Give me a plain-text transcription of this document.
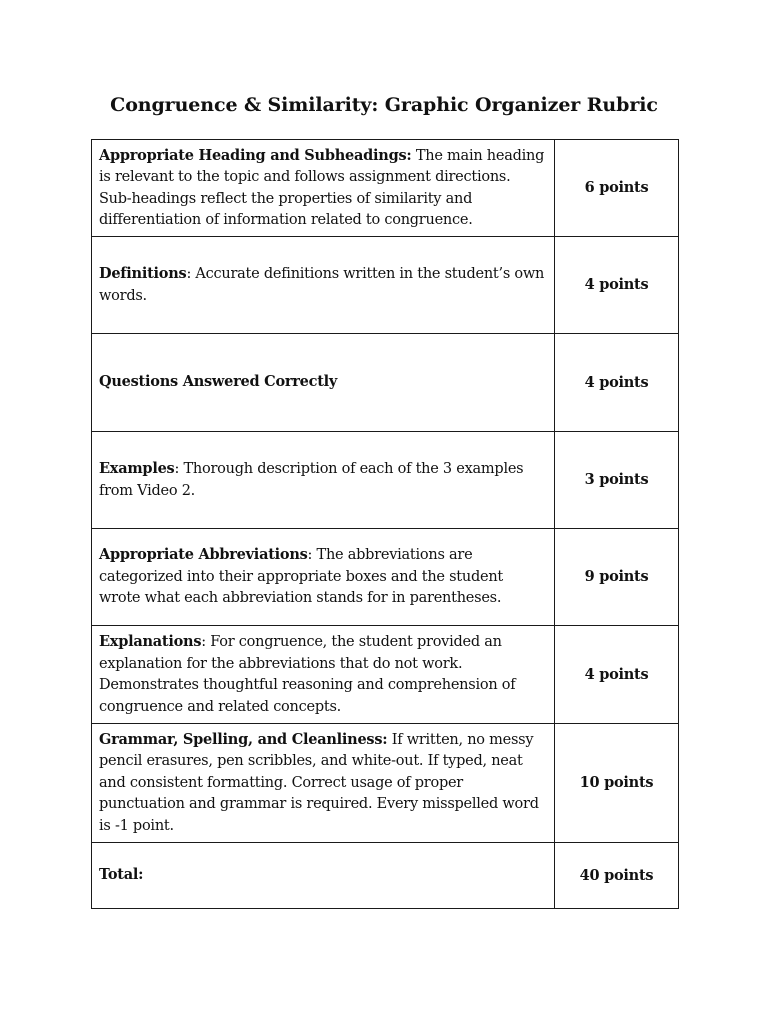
Congruence & Similarity: Graphic Organizer Rubric
Appropriate Heading and Subheadings: The main heading is relevant to the topic and follows assignment directions. Sub-headings reflect the properties of similarity and differentiation of information related to congruence.	6 points
Definitions: Accurate definitions written in the student’s own words.	4 points
Questions Answered Correctly	4 points
Examples: Thorough description of each of the 3 examples from Video 2.	3 points
Appropriate Abbreviations: The abbreviations are categorized into their appropriate boxes and the student wrote what each abbreviation stands for in parentheses.	9 points
Explanations: For congruence, the student provided an explanation for the abbreviations that do not work. Demonstrates thoughtful reasoning and comprehension of congruence and related concepts.	4 points
Grammar, Spelling, and Cleanliness: If written, no messy pencil erasures, pen scribbles, and white-out. If typed, neat and consistent formatting. Correct usage of proper punctuation and grammar is required. Every misspelled word is -1 point.	10 points
Total:	40 points
